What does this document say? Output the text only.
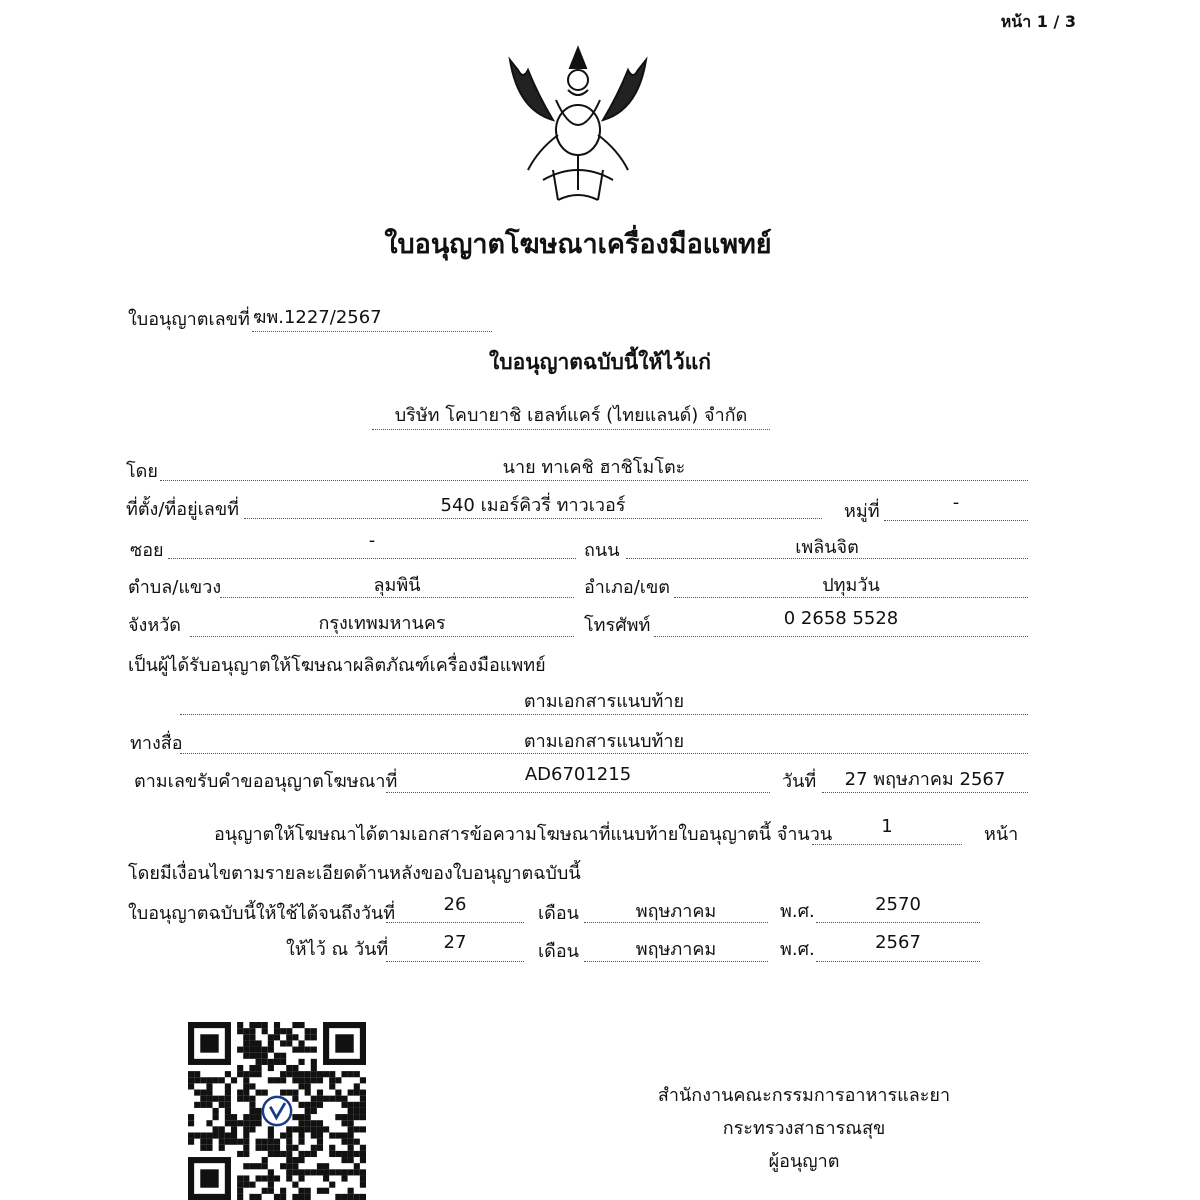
หน้า 1 / 3
ใบอนุญาตโฆษณาเครื่องมือแพทย์
ใบอนุญาตเลขที่ ฆพ.1227/2567
ใบอนุญาตฉบับนี้ให้ไว้แก่
บริษัท โคบายาชิ เฮลท์แคร์ (ไทยแลนด์) จำกัด
โดย	นาย ทาเคชิ ฮาชิโมโตะ
ที่ตั้ง/ที่อยู่เลขที่	540 เมอร์คิวรี่ ทาวเวอร์	หมู่ที่	-
ซอย	-	ถนน	เพลินจิต
ตำบล/แขวง	ลุมพินี	อำเภอ/เขต	ปทุมวัน
จังหวัด	กรุงเทพมหานคร	โทรศัพท์	0 2658 5528
เป็นผู้ได้รับอนุญาตให้โฆษณาผลิตภัณฑ์เครื่องมือแพทย์
ตามเอกสารแนบท้าย
ทางสื่อ	ตามเอกสารแนบท้าย
ตามเลขรับคำขออนุญาตโฆษณาที่	AD6701215	วันที่	27 พฤษภาคม 2567
อนุญาตให้โฆษณาได้ตามเอกสารข้อความโฆษณาที่แนบท้ายใบอนุญาตนี้ จำนวน	1	หน้า
โดยมีเงื่อนไขตามรายละเอียดด้านหลังของใบอนุญาตฉบับนี้
ใบอนุญาตฉบับนี้ให้ใช้ได้จนถึงวันที่	26	เดือน	พฤษภาคม	พ.ศ.	2570
ให้ไว้ ณ วันที่	27	เดือน	พฤษภาคม	พ.ศ.	2567
สำนักงานคณะกรรมการอาหารและยา
กระทรวงสาธารณสุข
ผู้อนุญาต
